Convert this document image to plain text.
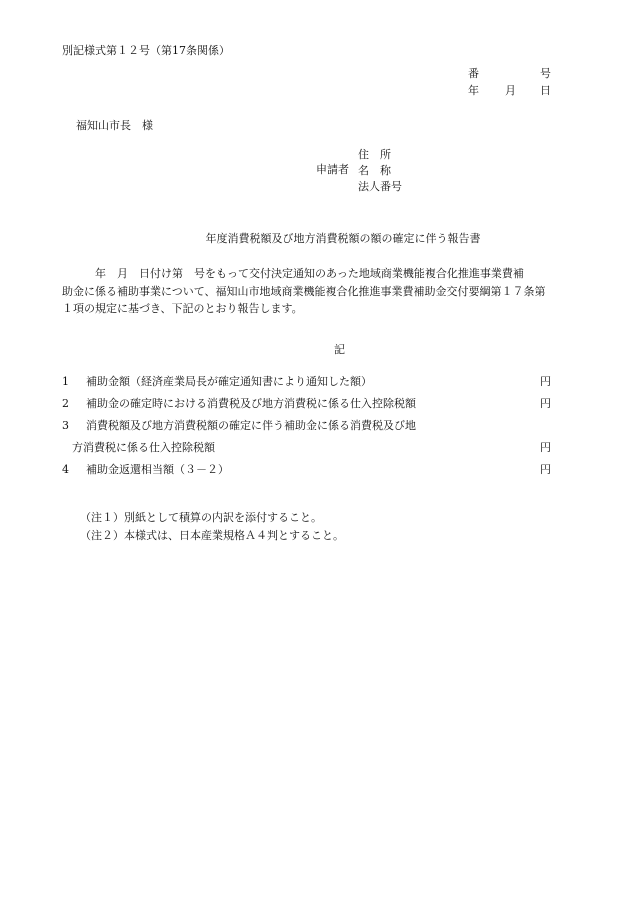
別記様式第１２号（第17条関係）
番	号
年 月 日
福知山市長　様
申請者
住　所
名　称
法人番号
年度消費税額及び地方消費税額の額の確定に伴う報告書
　　　年　月　日付け第　号をもって交付決定通知のあった地域商業機能複合化推進事業費補
助金に係る補助事業について、福知山市地域商業機能複合化推進事業費補助金交付要綱第１７条第
１項の規定に基づき、下記のとおり報告します。
記
1	補助金額（経済産業局長が確定通知書により通知した額）	円
2	補助金の確定時における消費税及び地方消費税に係る仕入控除税額	円
3	消費税額及び地方消費税額の確定に伴う補助金に係る消費税及び地
方消費税に係る仕入控除税額	円
4	補助金返還相当額（３－２）	円
（注１）別紙として積算の内訳を添付すること。
（注２）本様式は、日本産業規格Ａ４判とすること。
